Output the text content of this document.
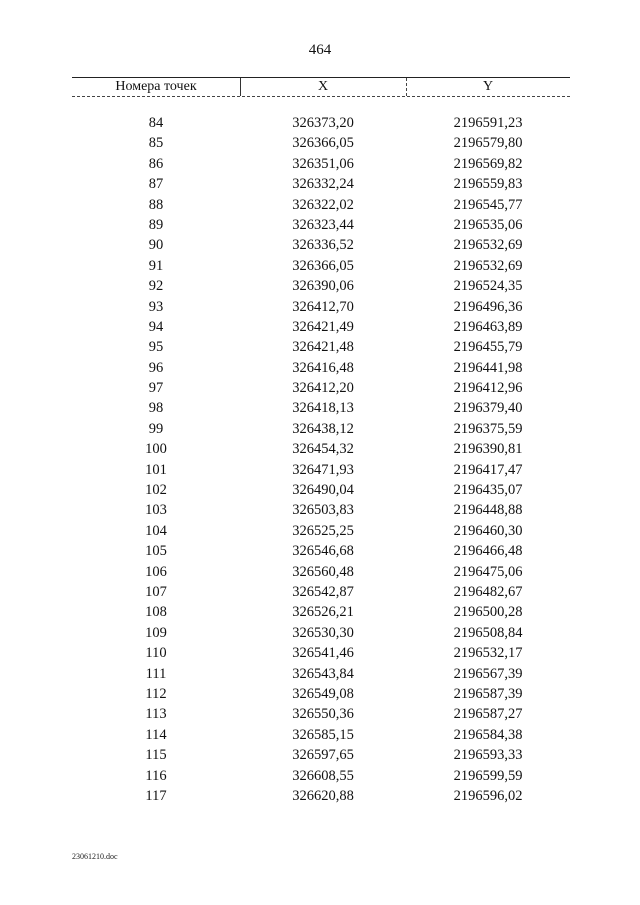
464
Номера точек	X	Y
84	326373,20	2196591,23
85	326366,05	2196579,80
86	326351,06	2196569,82
87	326332,24	2196559,83
88	326322,02	2196545,77
89	326323,44	2196535,06
90	326336,52	2196532,69
91	326366,05	2196532,69
92	326390,06	2196524,35
93	326412,70	2196496,36
94	326421,49	2196463,89
95	326421,48	2196455,79
96	326416,48	2196441,98
97	326412,20	2196412,96
98	326418,13	2196379,40
99	326438,12	2196375,59
100	326454,32	2196390,81
101	326471,93	2196417,47
102	326490,04	2196435,07
103	326503,83	2196448,88
104	326525,25	2196460,30
105	326546,68	2196466,48
106	326560,48	2196475,06
107	326542,87	2196482,67
108	326526,21	2196500,28
109	326530,30	2196508,84
110	326541,46	2196532,17
111	326543,84	2196567,39
112	326549,08	2196587,39
113	326550,36	2196587,27
114	326585,15	2196584,38
115	326597,65	2196593,33
116	326608,55	2196599,59
117	326620,88	2196596,02
23061210.doc
